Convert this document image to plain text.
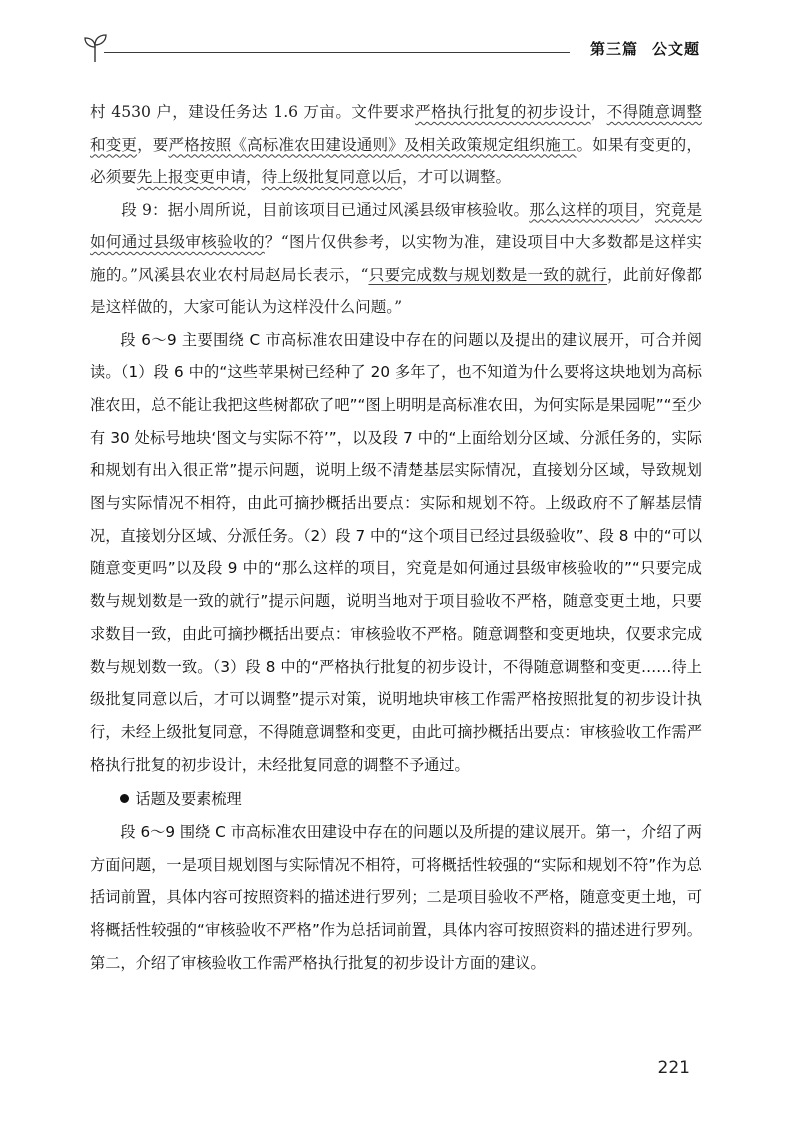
第三篇 公文题

村 4530 户，建设任务达 1.6 万亩。文件要求严格执行批复的初步设计，不得随意调整和变更，要严格按照《高标准农田建设通则》及相关政策规定组织施工。如果有变更的，必须要先上报变更申请，待上级批复同意以后，才可以调整。

段 9：据小周所说，目前该项目已通过风溪县级审核验收。那么这样的项目，究竟是如何通过县级审核验收的？“图片仅供参考，以实物为准，建设项目中大多数都是这样实施的。”风溪县农业农村局赵局长表示，“只要完成数与规划数是一致的就行，此前好像都是这样做的，大家可能认为这样没什么问题。”

段 6～9 主要围绕 C 市高标准农田建设中存在的问题以及提出的建议展开，可合并阅读。（1）段 6 中的“这些苹果树已经种了 20 多年了，也不知道为什么要将这块地划为高标准农田，总不能让我把这些树都砍了吧”“图上明明是高标准农田，为何实际是果园呢”“至少有 30 处标号地块‘图文与实际不符’”，以及段 7 中的“上面给划分区域、分派任务的，实际和规划有出入很正常”提示问题，说明上级不清楚基层实际情况，直接划分区域，导致规划图与实际情况不相符，由此可摘抄概括出要点：实际和规划不符。上级政府不了解基层情况，直接划分区域、分派任务。（2）段 7 中的“这个项目已经过县级验收”、段 8 中的“可以随意变更吗”以及段 9 中的“那么这样的项目，究竟是如何通过县级审核验收的”“只要完成数与规划数是一致的就行”提示问题，说明当地对于项目验收不严格，随意变更土地，只要求数目一致，由此可摘抄概括出要点：审核验收不严格。随意调整和变更地块，仅要求完成数与规划数一致。（3）段 8 中的“严格执行批复的初步设计，不得随意调整和变更……待上级批复同意以后，才可以调整”提示对策，说明地块审核工作需严格按照批复的初步设计执行，未经上级批复同意，不得随意调整和变更，由此可摘抄概括出要点：审核验收工作需严格执行批复的初步设计，未经批复同意的调整不予通过。

话题及要素梳理

段 6～9 围绕 C 市高标准农田建设中存在的问题以及所提的建议展开。第一，介绍了两方面问题，一是项目规划图与实际情况不相符，可将概括性较强的“实际和规划不符”作为总括词前置，具体内容可按照资料的描述进行罗列；二是项目验收不严格，随意变更土地，可将概括性较强的“审核验收不严格”作为总括词前置，具体内容可按照资料的描述进行罗列。第二，介绍了审核验收工作需严格执行批复的初步设计方面的建议。

221
